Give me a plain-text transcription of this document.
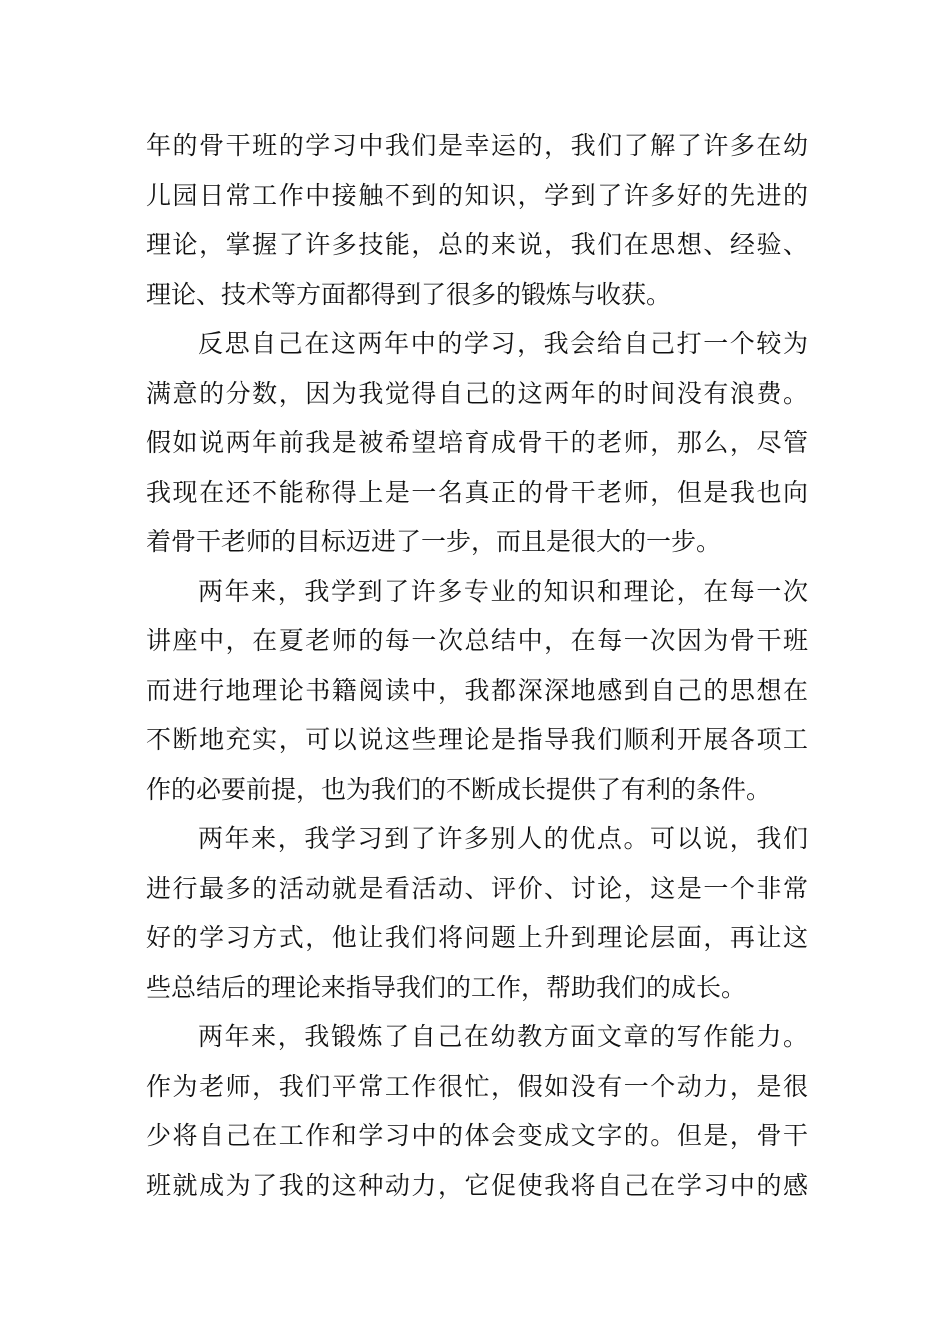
年的骨干班的学习中我们是幸运的，我们了解了许多在幼
儿园日常工作中接触不到的知识，学到了许多好的先进的
理论，掌握了许多技能，总的来说，我们在思想、经验、
理论、技术等方面都得到了很多的锻炼与收获。
反思自己在这两年中的学习，我会给自己打一个较为
满意的分数，因为我觉得自己的这两年的时间没有浪费。
假如说两年前我是被希望培育成骨干的老师，那么，尽管
我现在还不能称得上是一名真正的骨干老师，但是我也向
着骨干老师的目标迈进了一步，而且是很大的一步。
两年来，我学到了许多专业的知识和理论，在每一次
讲座中，在夏老师的每一次总结中，在每一次因为骨干班
而进行地理论书籍阅读中，我都深深地感到自己的思想在
不断地充实，可以说这些理论是指导我们顺利开展各项工
作的必要前提，也为我们的不断成长提供了有利的条件。
两年来，我学习到了许多别人的优点。可以说，我们
进行最多的活动就是看活动、评价、讨论，这是一个非常
好的学习方式，他让我们将问题上升到理论层面，再让这
些总结后的理论来指导我们的工作，帮助我们的成长。
两年来，我锻炼了自己在幼教方面文章的写作能力。
作为老师，我们平常工作很忙，假如没有一个动力，是很
少将自己在工作和学习中的体会变成文字的。但是，骨干
班就成为了我的这种动力，它促使我将自己在学习中的感
